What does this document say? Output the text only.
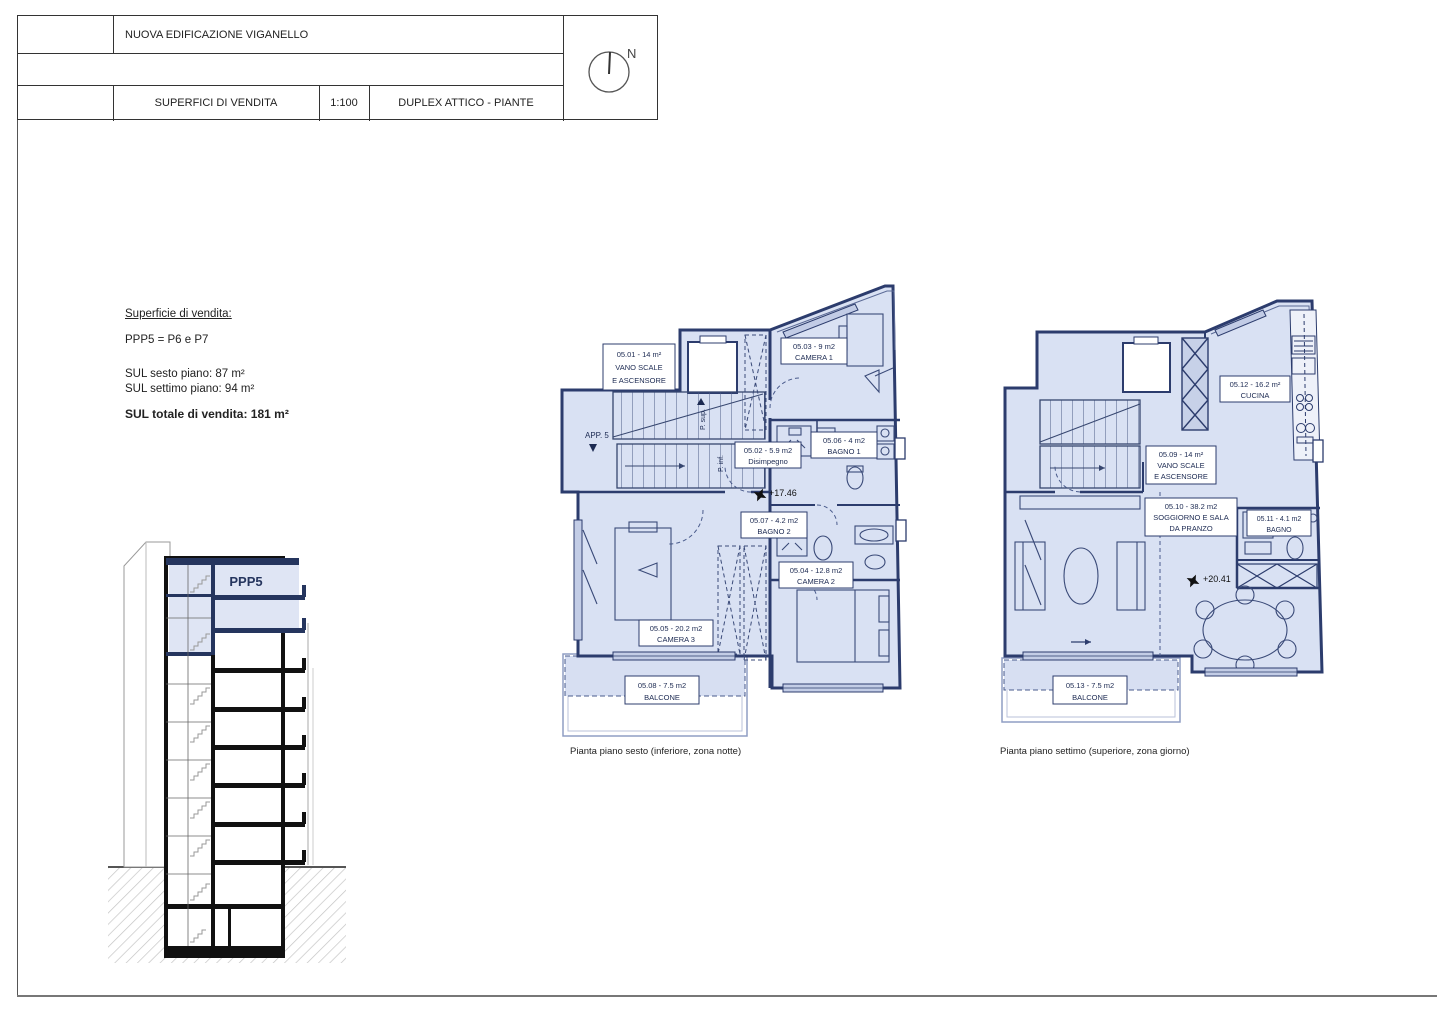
NUOVA EDIFICAZIONE VIGANELLO
SUPERFICI DI VENDITA	1:100	DUPLEX ATTICO - PIANTE
N
Superficie di vendita:
PPP5 = P6 e P7
SUL sesto piano: 87 m²
SUL settimo piano: 94 m²
SUL totale di vendita: 181 m²
PPP5
APP. 5
P. sup.
P. inf.
+17.46
05.01 - 14 m²
VANO SCALE
E ASCENSORE
05.03 - 9 m2
CAMERA 1
05.02 - 5.9 m2
Disimpegno
05.06 - 4 m2
BAGNO 1
05.07 - 4.2 m2
BAGNO 2
05.04 - 12.8 m2
CAMERA 2
05.05 - 20.2 m2
CAMERA 3
05.08 - 7.5 m2
BALCONE
+20.41
05.12 - 16.2 m²
CUCINA
05.09 - 14 m²
VANO SCALE
E ASCENSORE
05.10 - 38.2 m2
SOGGIORNO E SALA
DA PRANZO
05.11 - 4.1 m2
BAGNO
05.13 - 7.5 m2
BALCONE
Pianta piano sesto (inferiore, zona notte)	Pianta piano settimo (superiore, zona giorno)
